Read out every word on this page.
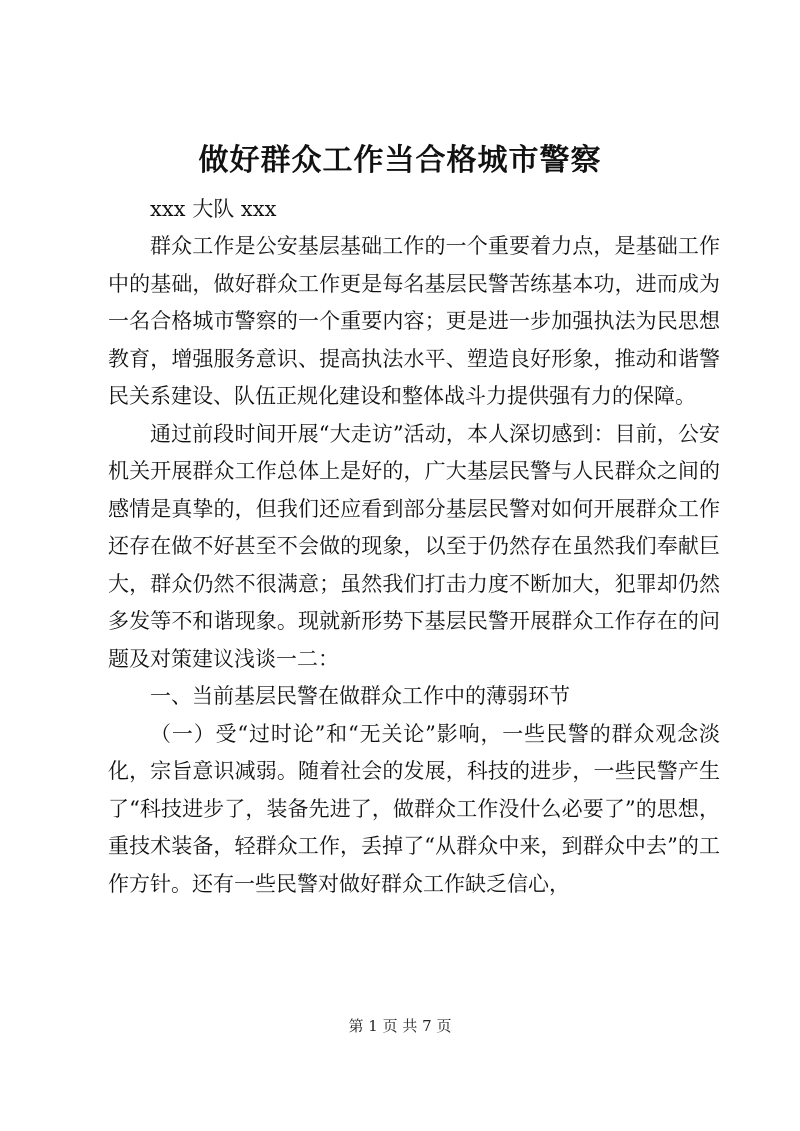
做好群众工作当合格城市警察

xxx 大队 xxx

群众工作是公安基层基础工作的一个重要着力点，是基础工作中的基础，做好群众工作更是每名基层民警苦练基本功，进而成为一名合格城市警察的一个重要内容；更是进一步加强执法为民思想教育，增强服务意识、提高执法水平、塑造良好形象，推动和谐警民关系建设、队伍正规化建设和整体战斗力提供强有力的保障。

通过前段时间开展“大走访”活动，本人深切感到：目前，公安机关开展群众工作总体上是好的，广大基层民警与人民群众之间的感情是真挚的，但我们还应看到部分基层民警对如何开展群众工作还存在做不好甚至不会做的现象，以至于仍然存在虽然我们奉献巨大，群众仍然不很满意；虽然我们打击力度不断加大，犯罪却仍然多发等不和谐现象。现就新形势下基层民警开展群众工作存在的问题及对策建议浅谈一二：

一、当前基层民警在做群众工作中的薄弱环节

（一）受“过时论”和“无关论”影响，一些民警的群众观念淡化，宗旨意识减弱。随着社会的发展，科技的进步，一些民警产生了“科技进步了，装备先进了，做群众工作没什么必要了”的思想，重技术装备，轻群众工作，丢掉了“从群众中来，到群众中去”的工作方针。还有一些民警对做好群众工作缺乏信心，

第 1 页 共 7 页
